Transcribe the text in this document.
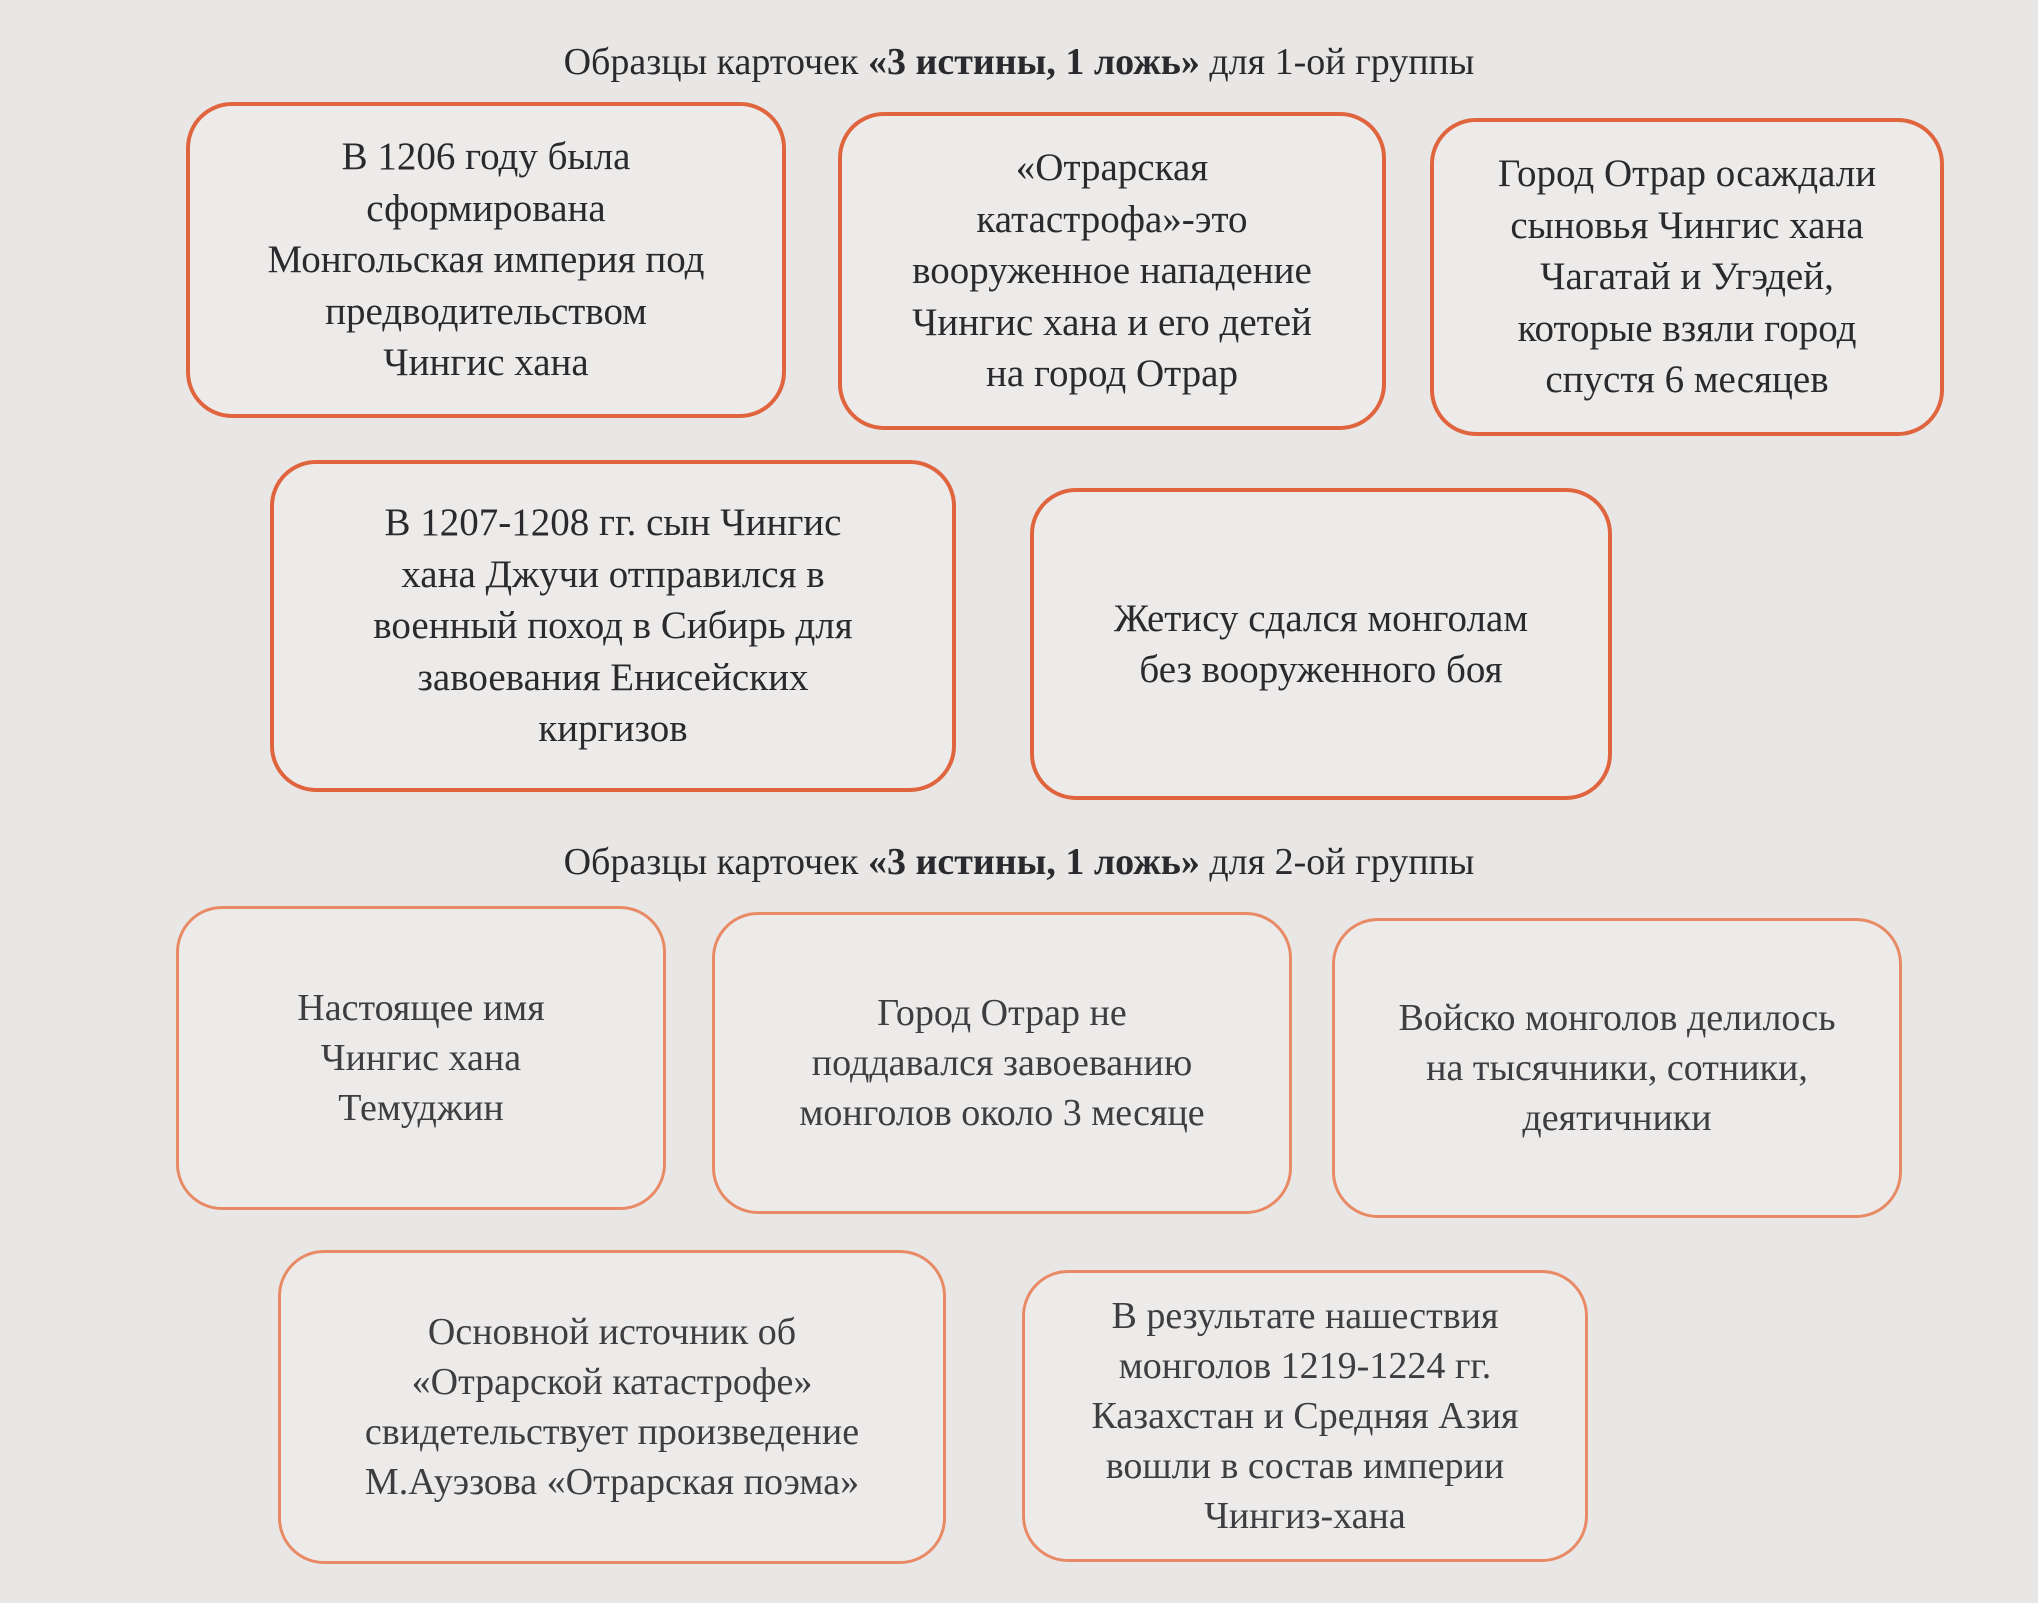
Образцы карточек «3 истины, 1 ложь» для 1-ой группы

В 1206 году была
сформирована
Монгольская империя под
предводительством
Чингис хана

«Отрарская
катастрофа»-это
вооруженное нападение
Чингис хана и его детей
на город Отрар

Город Отрар осаждали
сыновья Чингис хана
Чагатай и Угэдей,
которые взяли город
спустя 6 месяцев

В 1207-1208 гг. сын Чингис
хана Джучи отправился в
военный поход в Сибирь для
завоевания Енисейских
киргизов

Жетису сдался монголам
без вооруженного боя

Образцы карточек «3 истины, 1 ложь» для 2-ой группы

Настоящее имя
Чингис хана
Темуджин

Город Отрар не
поддавался завоеванию
монголов около 3 месяце

Войско монголов делилось
на тысячники, сотники,
деятичники

Основной источник об
«Отрарской катастрофе»
свидетельствует произведение
М.Ауэзова «Отрарская поэма»

В результате нашествия
монголов 1219-1224 гг.
Казахстан и Средняя Азия
вошли в состав империи
Чингиз-хана
